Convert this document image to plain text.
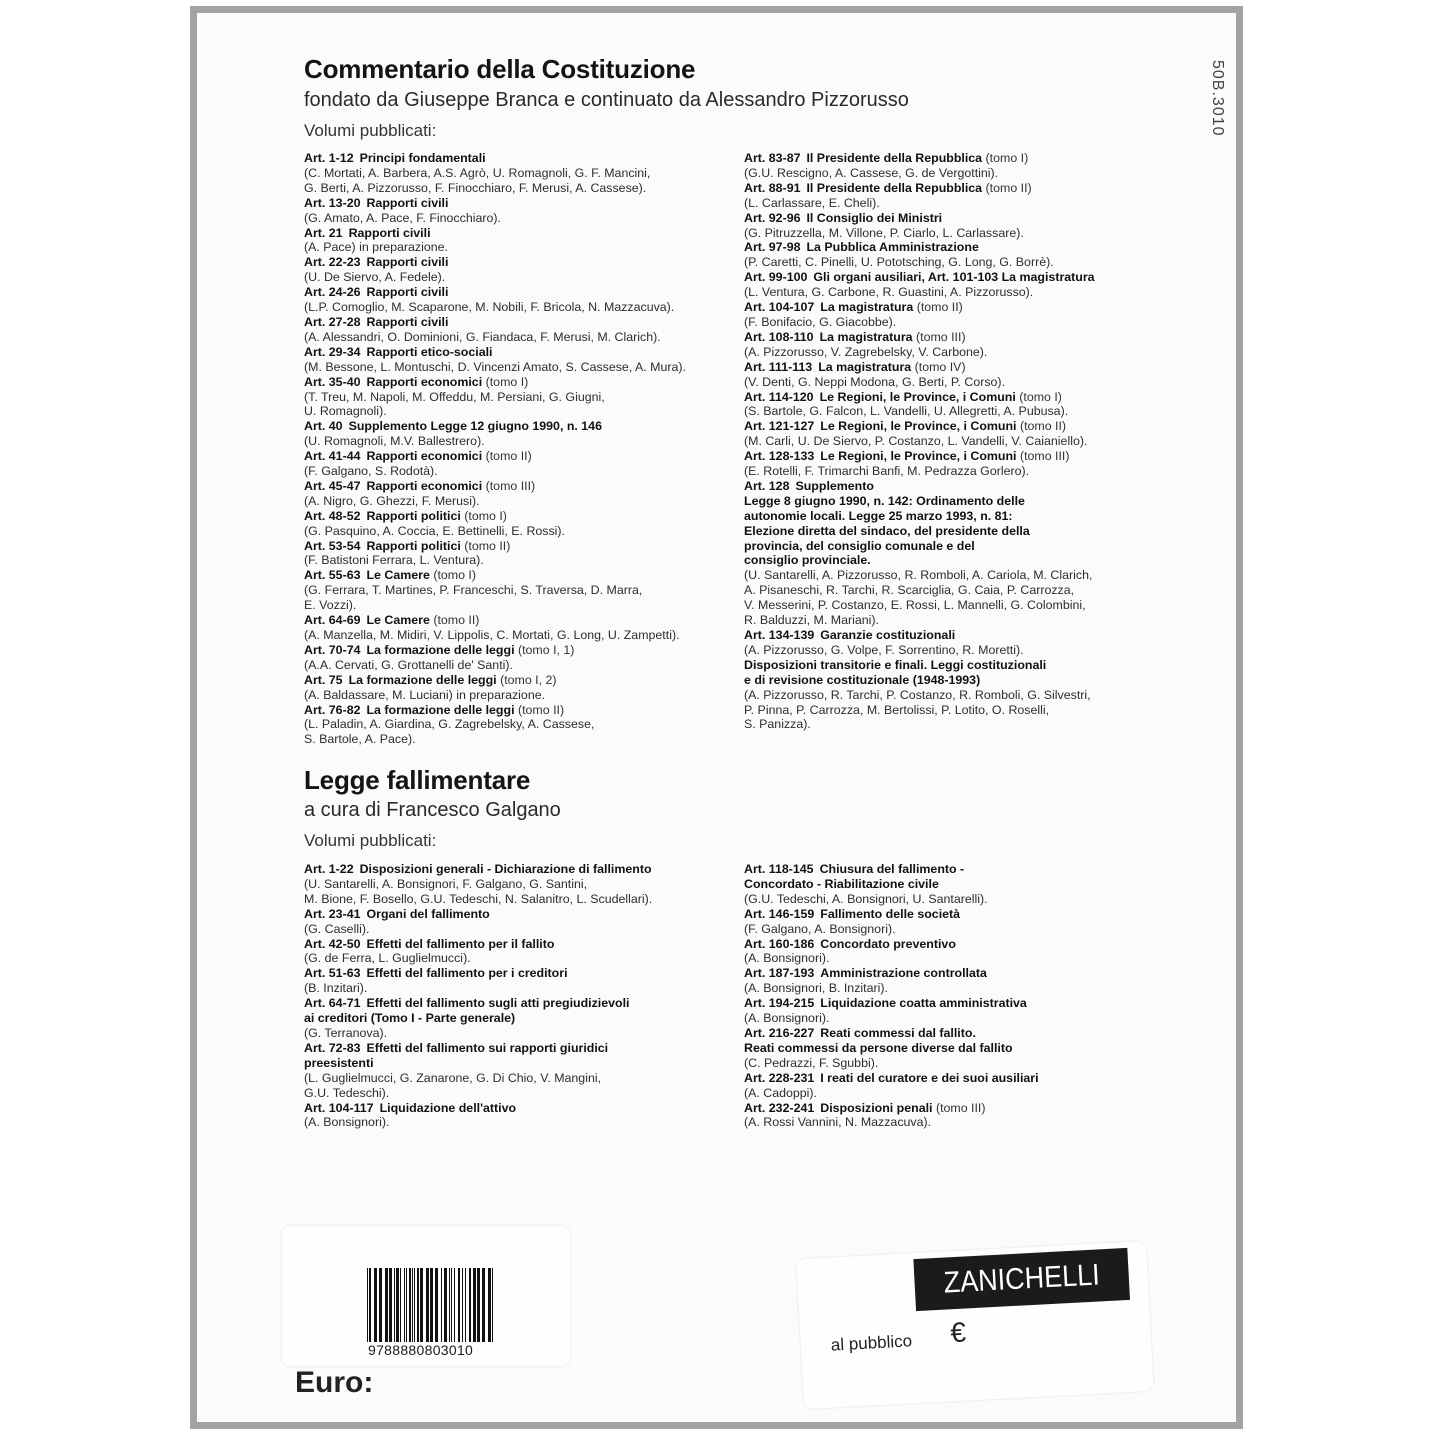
50B.3010
Commentario della Costituzione
fondato da Giuseppe Branca e continuato da Alessandro Pizzorusso
Volumi pubblicati:
Art. 1-12 Principi fondamentali
(C. Mortati, A. Barbera, A.S. Agrò, U. Romagnoli, G. F. Mancini,
G. Berti, A. Pizzorusso, F. Finocchiaro, F. Merusi, A. Cassese).
Art. 13-20 Rapporti civili
(G. Amato, A. Pace, F. Finocchiaro).
Art. 21 Rapporti civili
(A. Pace) in preparazione.
Art. 22-23 Rapporti civili
(U. De Siervo, A. Fedele).
Art. 24-26 Rapporti civili
(L.P. Comoglio, M. Scaparone, M. Nobili, F. Bricola, N. Mazzacuva).
Art. 27-28 Rapporti civili
(A. Alessandri, O. Dominioni, G. Fiandaca, F. Merusi, M. Clarich).
Art. 29-34 Rapporti etico-sociali
(M. Bessone, L. Montuschi, D. Vincenzi Amato, S. Cassese, A. Mura).
Art. 35-40 Rapporti economici (tomo I)
(T. Treu, M. Napoli, M. Offeddu, M. Persiani, G. Giugni,
U. Romagnoli).
Art. 40 Supplemento Legge 12 giugno 1990, n. 146
(U. Romagnoli, M.V. Ballestrero).
Art. 41-44 Rapporti economici (tomo II)
(F. Galgano, S. Rodotà).
Art. 45-47 Rapporti economici (tomo III)
(A. Nigro, G. Ghezzi, F. Merusi).
Art. 48-52 Rapporti politici (tomo I)
(G. Pasquino, A. Coccia, E. Bettinelli, E. Rossi).
Art. 53-54 Rapporti politici (tomo II)
(F. Batistoni Ferrara, L. Ventura).
Art. 55-63 Le Camere (tomo I)
(G. Ferrara, T. Martines, P. Franceschi, S. Traversa, D. Marra,
E. Vozzi).
Art. 64-69 Le Camere (tomo II)
(A. Manzella, M. Midiri, V. Lippolis, C. Mortati, G. Long, U. Zampetti).
Art. 70-74 La formazione delle leggi (tomo I, 1)
(A.A. Cervati, G. Grottanelli de' Santi).
Art. 75 La formazione delle leggi (tomo I, 2)
(A. Baldassare, M. Luciani) in preparazione.
Art. 76-82 La formazione delle leggi (tomo II)
(L. Paladin, A. Giardina, G. Zagrebelsky, A. Cassese,
S. Bartole, A. Pace).
Art. 83-87 Il Presidente della Repubblica (tomo I)
(G.U. Rescigno, A. Cassese, G. de Vergottini).
Art. 88-91 Il Presidente della Repubblica (tomo II)
(L. Carlassare, E. Cheli).
Art. 92-96 Il Consiglio dei Ministri
(G. Pitruzzella, M. Villone, P. Ciarlo, L. Carlassare).
Art. 97-98 La Pubblica Amministrazione
(P. Caretti, C. Pinelli, U. Pototsching, G. Long, G. Borrè).
Art. 99-100 Gli organi ausiliari, Art. 101-103 La magistratura
(L. Ventura, G. Carbone, R. Guastini, A. Pizzorusso).
Art. 104-107 La magistratura (tomo II)
(F. Bonifacio, G. Giacobbe).
Art. 108-110 La magistratura (tomo III)
(A. Pizzorusso, V. Zagrebelsky, V. Carbone).
Art. 111-113 La magistratura (tomo IV)
(V. Denti, G. Neppi Modona, G. Berti, P. Corso).
Art. 114-120 Le Regioni, le Province, i Comuni (tomo I)
(S. Bartole, G. Falcon, L. Vandelli, U. Allegretti, A. Pubusa).
Art. 121-127 Le Regioni, le Province, i Comuni (tomo II)
(M. Carli, U. De Siervo, P. Costanzo, L. Vandelli, V. Caianiello).
Art. 128-133 Le Regioni, le Province, i Comuni (tomo III)
(E. Rotelli, F. Trimarchi Banfi, M. Pedrazza Gorlero).
Art. 128 Supplemento
Legge 8 giugno 1990, n. 142: Ordinamento delle
autonomie locali. Legge 25 marzo 1993, n. 81:
Elezione diretta del sindaco, del presidente della
provincia, del consiglio comunale e del
consiglio provinciale.
(U. Santarelli, A. Pizzorusso, R. Romboli, A. Cariola, M. Clarich,
A. Pisaneschi, R. Tarchi, R. Scarciglia, G. Caia, P. Carrozza,
V. Messerini, P. Costanzo, E. Rossi, L. Mannelli, G. Colombini,
R. Balduzzi, M. Mariani).
Art. 134-139 Garanzie costituzionali
(A. Pizzorusso, G. Volpe, F. Sorrentino, R. Moretti).
Disposizioni transitorie e finali. Leggi costituzionali
e di revisione costituzionale (1948-1993)
(A. Pizzorusso, R. Tarchi, P. Costanzo, R. Romboli, G. Silvestri,
P. Pinna, P. Carrozza, M. Bertolissi, P. Lotito, O. Roselli,
S. Panizza).
Legge fallimentare
a cura di Francesco Galgano
Volumi pubblicati:
Art. 1-22 Disposizioni generali - Dichiarazione di fallimento
(U. Santarelli, A. Bonsignori, F. Galgano, G. Santini,
M. Bione, F. Bosello, G.U. Tedeschi, N. Salanitro, L. Scudellari).
Art. 23-41 Organi del fallimento
(G. Caselli).
Art. 42-50 Effetti del fallimento per il fallito
(G. de Ferra, L. Guglielmucci).
Art. 51-63 Effetti del fallimento per i creditori
(B. Inzitari).
Art. 64-71 Effetti del fallimento sugli atti pregiudizievoli
ai creditori (Tomo I - Parte generale)
(G. Terranova).
Art. 72-83 Effetti del fallimento sui rapporti giuridici
preesistenti
(L. Guglielmucci, G. Zanarone, G. Di Chio, V. Mangini,
G.U. Tedeschi).
Art. 104-117 Liquidazione dell'attivo
(A. Bonsignori).
Art. 118-145 Chiusura del fallimento -
Concordato - Riabilitazione civile
(G.U. Tedeschi, A. Bonsignori, U. Santarelli).
Art. 146-159 Fallimento delle società
(F. Galgano, A. Bonsignori).
Art. 160-186 Concordato preventivo
(A. Bonsignori).
Art. 187-193 Amministrazione controllata
(A. Bonsignori, B. Inzitari).
Art. 194-215 Liquidazione coatta amministrativa
(A. Bonsignori).
Art. 216-227 Reati commessi dal fallito.
Reati commessi da persone diverse dal fallito
(C. Pedrazzi, F. Sgubbi).
Art. 228-231 I reati del curatore e dei suoi ausiliari
(A. Cadoppi).
Art. 232-241 Disposizioni penali (tomo III)
(A. Rossi Vannini, N. Mazzacuva).
9788880803010
Euro:
ZANICHELLI
al pubblico €
